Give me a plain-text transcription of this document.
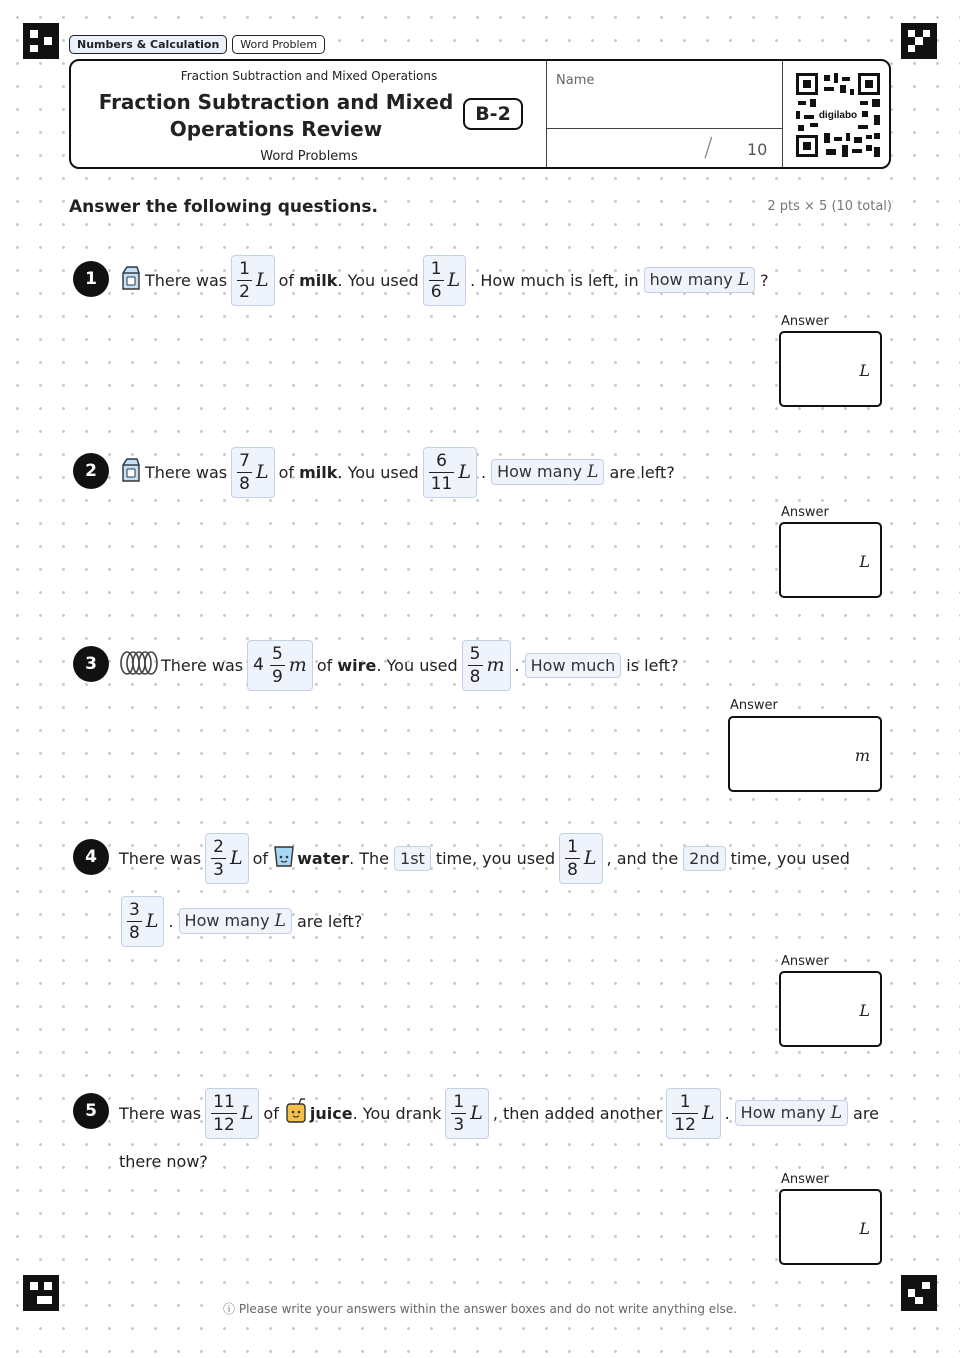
Numbers & Calculation	Word Problem
Fraction Subtraction and Mixed Operations
Fraction Subtraction and Mixed Operations Review
B-2
Word Problems
Name
/ 10
digilabo
Answer the following questions.	2 pts × 5 (10 total)
1	There was $\frac{1}{2}$ L of
milk . You used $\frac{1}{6}$ L . How much is left, in how many L ?
Answer
L
2	There was $\frac{7}{8}$ L of
milk . You used $\frac{6}{11}$ L . How many L are left?
Answer
L
3	There was $4 \frac{5}{9}$ m of
wire . You used $\frac{5}{8}$ m . How much is left?
Answer
m
4	There was $\frac{2}{3}$ L of
water . The 1st time, you used $\frac{1}{8}$ L , and the 2nd time, you used
$\frac{3}{8}$ L . How many L are left?
Answer
L
5	There was $\frac{11}{12}$ L of
juice . You drank $\frac{1}{3}$ L , then added another $\frac{1}{12}$ L . How many L are
there now?
Answer
L
ⓘ Please write your answers within the answer boxes and do not write anything else.
